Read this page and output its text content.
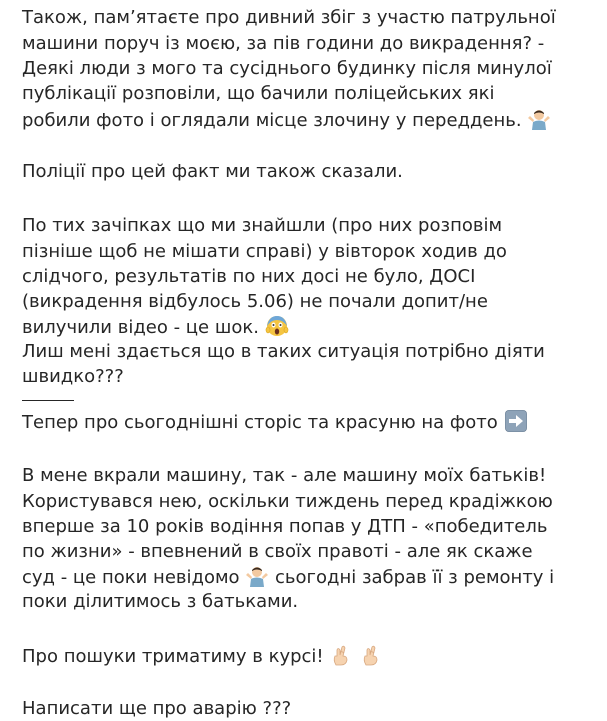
Також, пам’ятаєте про дивний збіг з участю патрульної
машини поруч із моєю, за пів години до викрадення? -
Деякі люди з мого та сусіднього будинку після минулої
публікації розповіли, що бачили поліцейських які
робили фото і оглядали місце злочину у переддень.
Поліції про цей факт ми також сказали.
По тих зачіпках що ми знайшли (про них розповім
пізніше щоб не мішати справі) у вівторок ходив до
слідчого, результатів по них досі не було, ДОСІ
(викрадення відбулось 5.06) не почали допит/не
вилучили відео - це шок.
Лиш мені здається що в таких ситуація потрібно діяти
швидко???
Тепер про сьогоднішні сторіс та красуню на фото
В мене вкрали машину, так - але машину моїх батьків!
Користувався нею, оскільки тиждень перед крадіжкою
вперше за 10 років водіння попав у ДТП - «победитель
по жизни» - впевнений в своїх правоті - але як скаже
суд - це поки невідомо сьогодні забрав її з ремонту і
поки ділитимось з батьками.
Про пошуки триматиму в курсі!

Написати ще про аварію ???
